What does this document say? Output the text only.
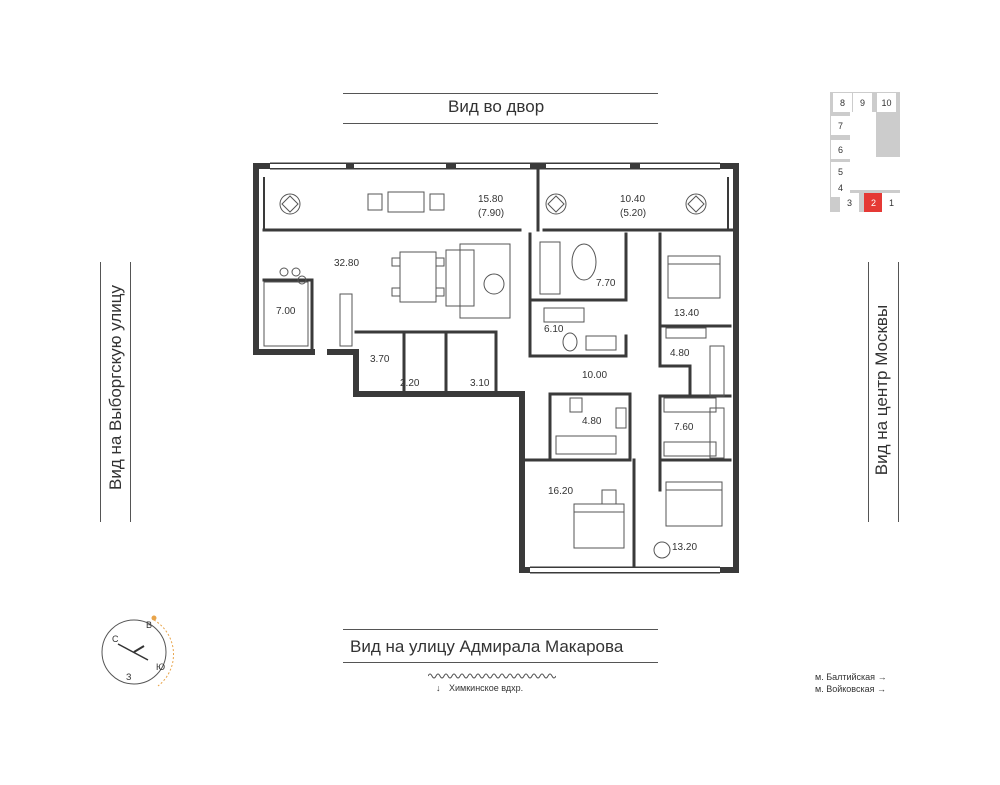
Вид во двор
Вид на Выборгскую улицу	Вид на центр Москвы
Вид на улицу Адмирала Макарова
↓ Химкинское вдхр.
м. Балтийская →
м. Войковская →
С
В
Ю
З
8	9	10
7
6
5
4
3	2	1
15.80
(7.90)
10.40
(5.20)
32.80
7.00
3.70
2.20	3.10
10.00
7.70
6.10
13.40
4.80
7.60
4.80
16.20
13.20
